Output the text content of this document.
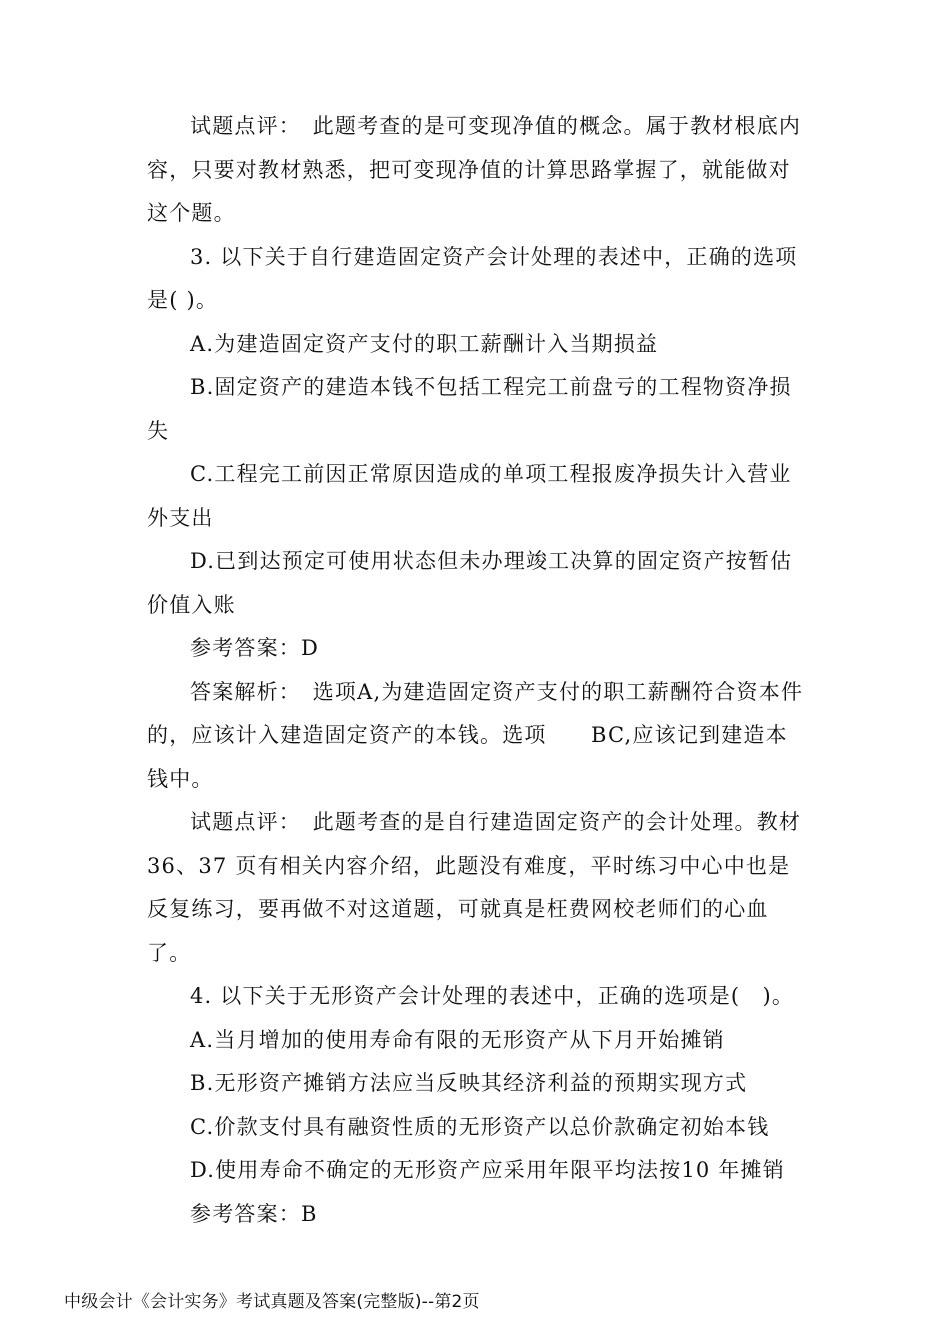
试题点评：　此题考查的是可变现净值的概念。属于教材根底内容，只要对教材熟悉，把可变现净值的计算思路掌握了，就能做对这个题。

3. 以下关于自行建造固定资产会计处理的表述中，正确的选项是( )。

A.为建造固定资产支付的职工薪酬计入当期损益

B.固定资产的建造本钱不包括工程完工前盘亏的工程物资净损失

C.工程完工前因正常原因造成的单项工程报废净损失计入营业外支出

D.已到达预定可使用状态但未办理竣工决算的固定资产按暂估价值入账

参考答案：D

答案解析：　选项A,为建造固定资产支付的职工薪酬符合资本件的，应该计入建造固定资产的本钱。选项　　BC,应该记到建造本钱中。

试题点评：　此题考查的是自行建造固定资产的会计处理。教材36、37 页有相关内容介绍，此题没有难度，平时练习中心中也是反复练习，要再做不对这道题，可就真是枉费网校老师们的心血了。

4. 以下关于无形资产会计处理的表述中，正确的选项是(　)。

A.当月增加的使用寿命有限的无形资产从下月开始摊销

B.无形资产摊销方法应当反映其经济利益的预期实现方式

C.价款支付具有融资性质的无形资产以总价款确定初始本钱

D.使用寿命不确定的无形资产应采用年限平均法按10 年摊销

参考答案：B

中级会计《会计实务》考试真题及答案(完整版)--第2页
